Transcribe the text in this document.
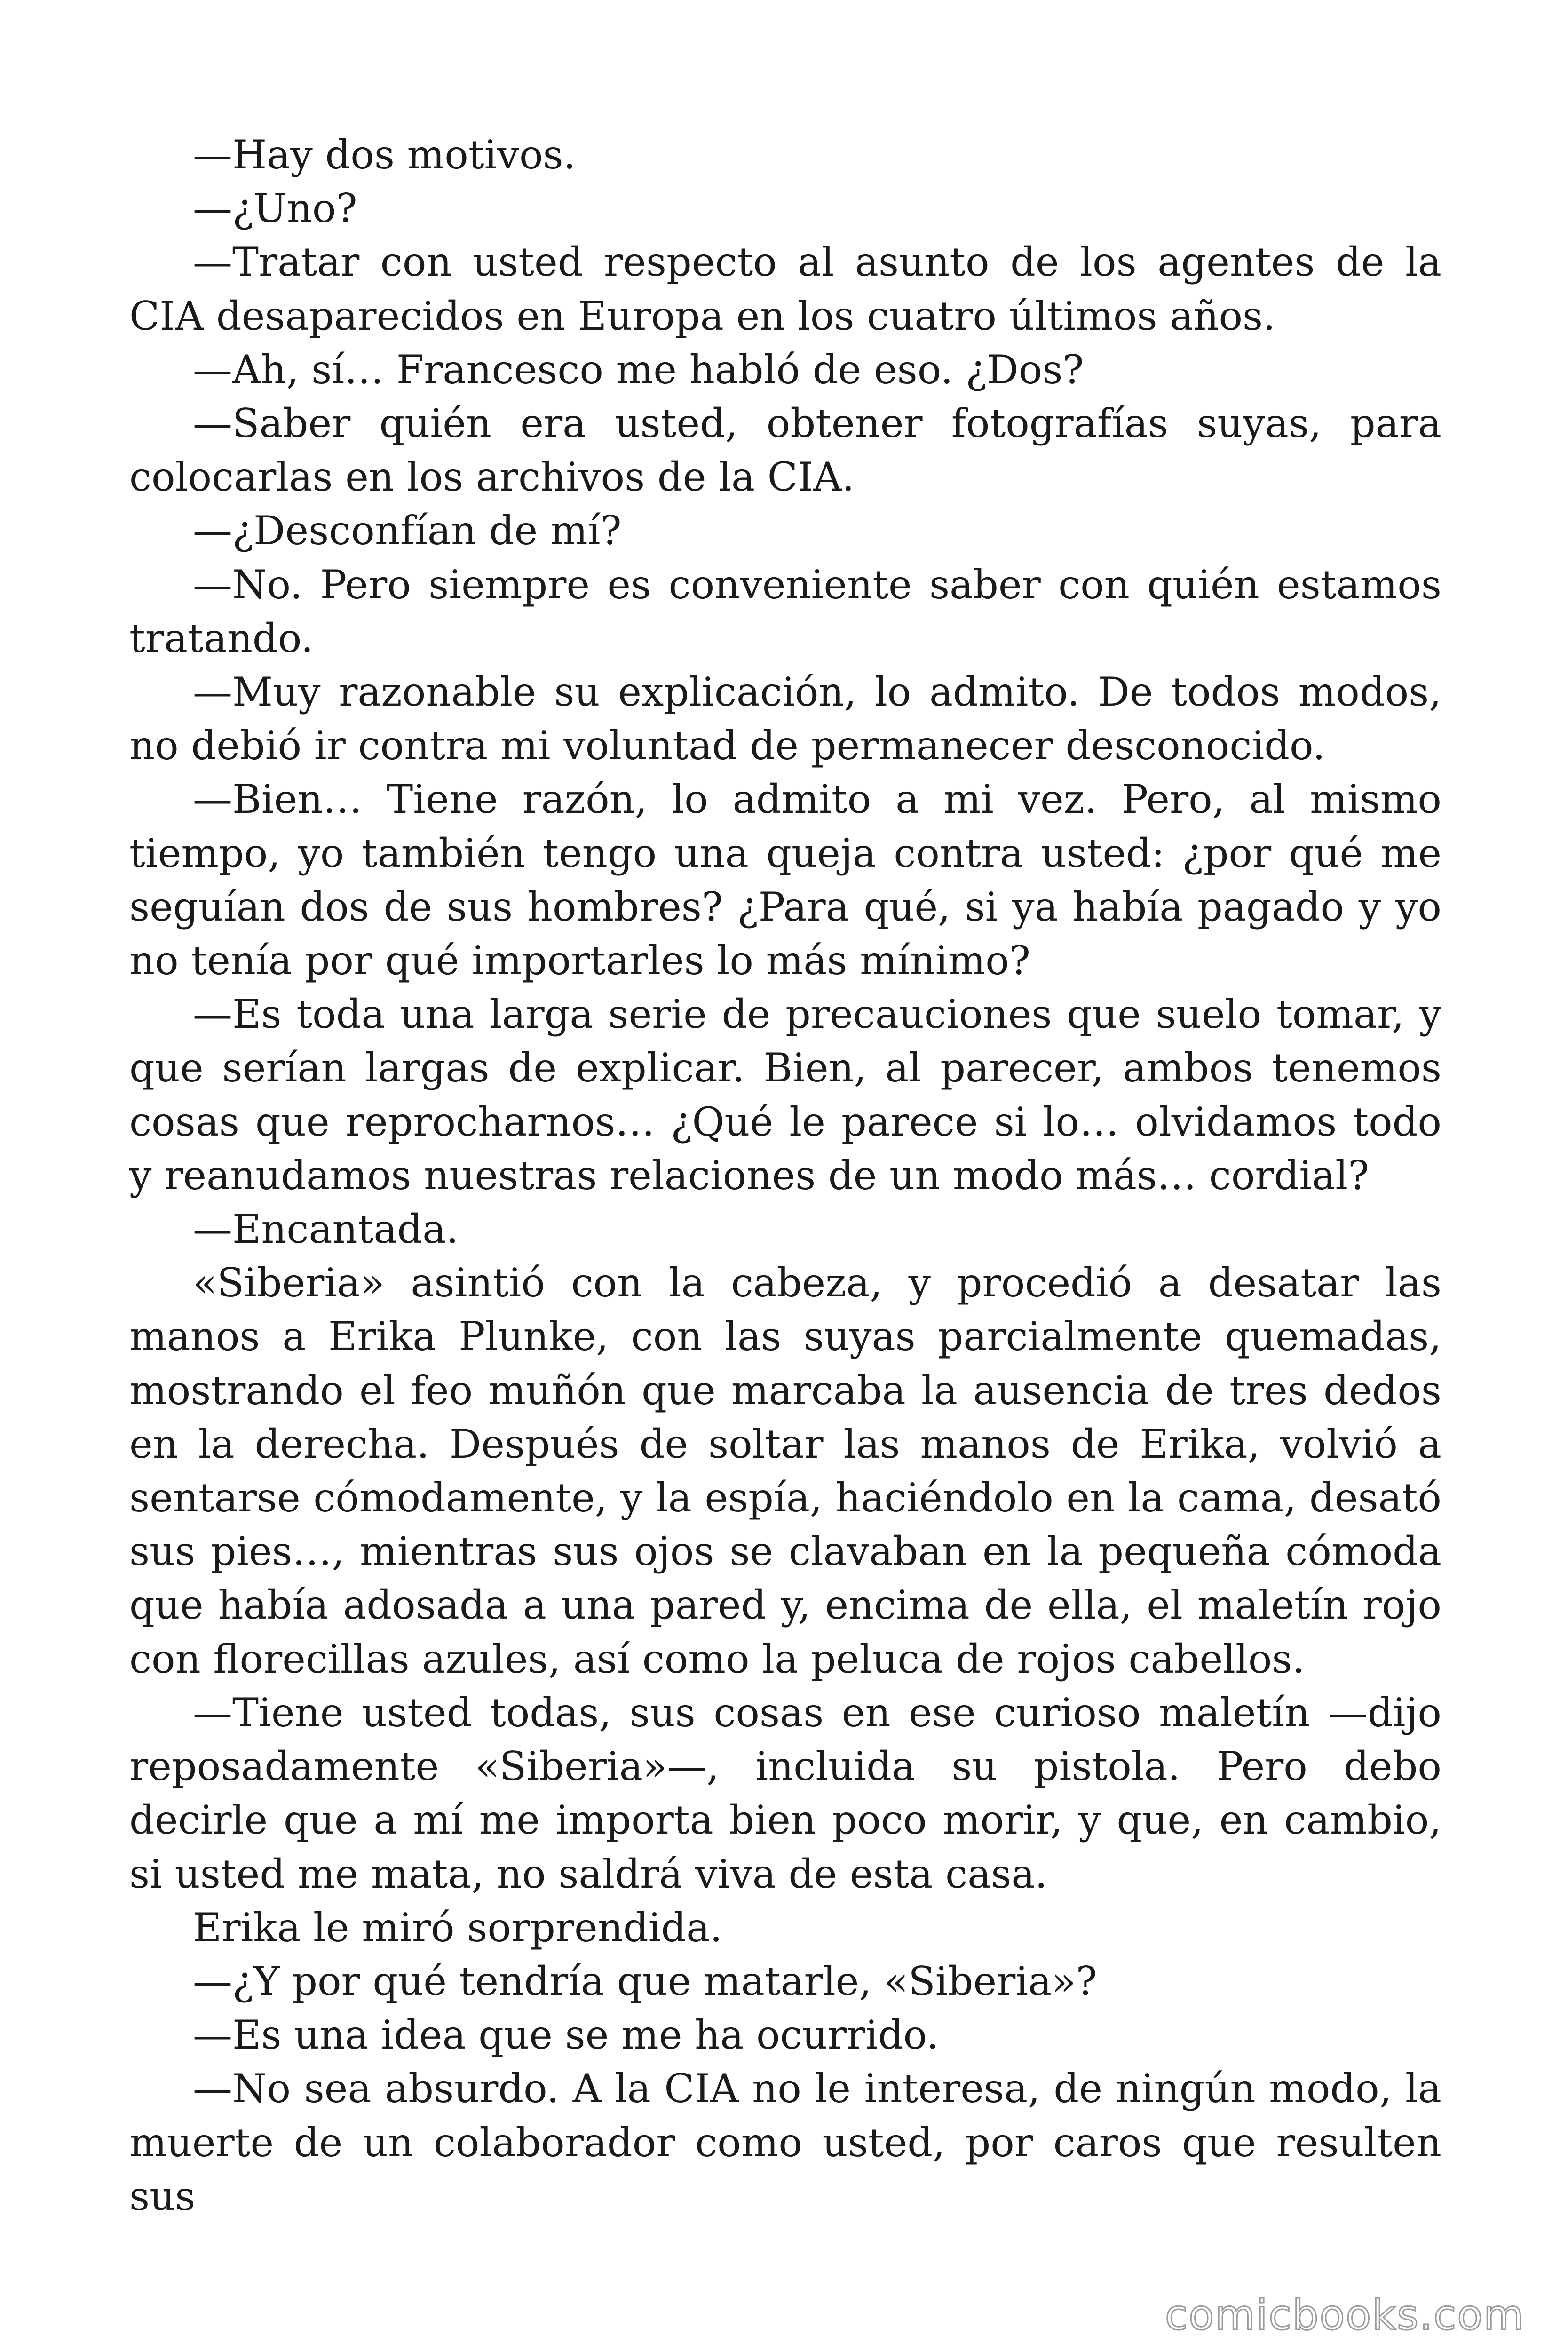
—Hay dos motivos.

—¿Uno?

—Tratar con usted respecto al asunto de los agentes de la CIA desaparecidos en Europa en los cuatro últimos años.

—Ah, sí… Francesco me habló de eso. ¿Dos?

—Saber quién era usted, obtener fotografías suyas, para colocarlas en los archivos de la CIA.

—¿Desconfían de mí?

—No. Pero siempre es conveniente saber con quién estamos tratando.

—Muy razonable su explicación, lo admito. De todos modos, no debió ir contra mi voluntad de permanecer desconocido.

—Bien… Tiene razón, lo admito a mi vez. Pero, al mismo tiempo, yo también tengo una queja contra usted: ¿por qué me seguían dos de sus hombres? ¿Para qué, si ya había pagado y yo no tenía por qué importarles lo más mínimo?

—Es toda una larga serie de precauciones que suelo tomar, y que serían largas de explicar. Bien, al parecer, ambos tenemos cosas que reprocharnos… ¿Qué le parece si lo… olvidamos todo y reanudamos nuestras relaciones de un modo más… cordial?

—Encantada.

«Siberia» asintió con la cabeza, y procedió a desatar las manos a Erika Plunke, con las suyas parcialmente quemadas, mostrando el feo muñón que marcaba la ausencia de tres dedos en la derecha. Después de soltar las manos de Erika, volvió a sentarse cómodamente, y la espía, haciéndolo en la cama, desató sus pies…, mientras sus ojos se clavaban en la pequeña cómoda que había adosada a una pared y, encima de ella, el maletín rojo con florecillas azules, así como la peluca de rojos cabellos.

—Tiene usted todas, sus cosas en ese curioso maletín —dijo reposadamente «Siberia»—, incluida su pistola. Pero debo decirle que a mí me importa bien poco morir, y que, en cambio, si usted me mata, no saldrá viva de esta casa.

Erika le miró sorprendida.

—¿Y por qué tendría que matarle, «Siberia»?

—Es una idea que se me ha ocurrido.

—No sea absurdo. A la CIA no le interesa, de ningún modo, la muerte de un colaborador como usted, por caros que resulten sus

comicbooks.com
